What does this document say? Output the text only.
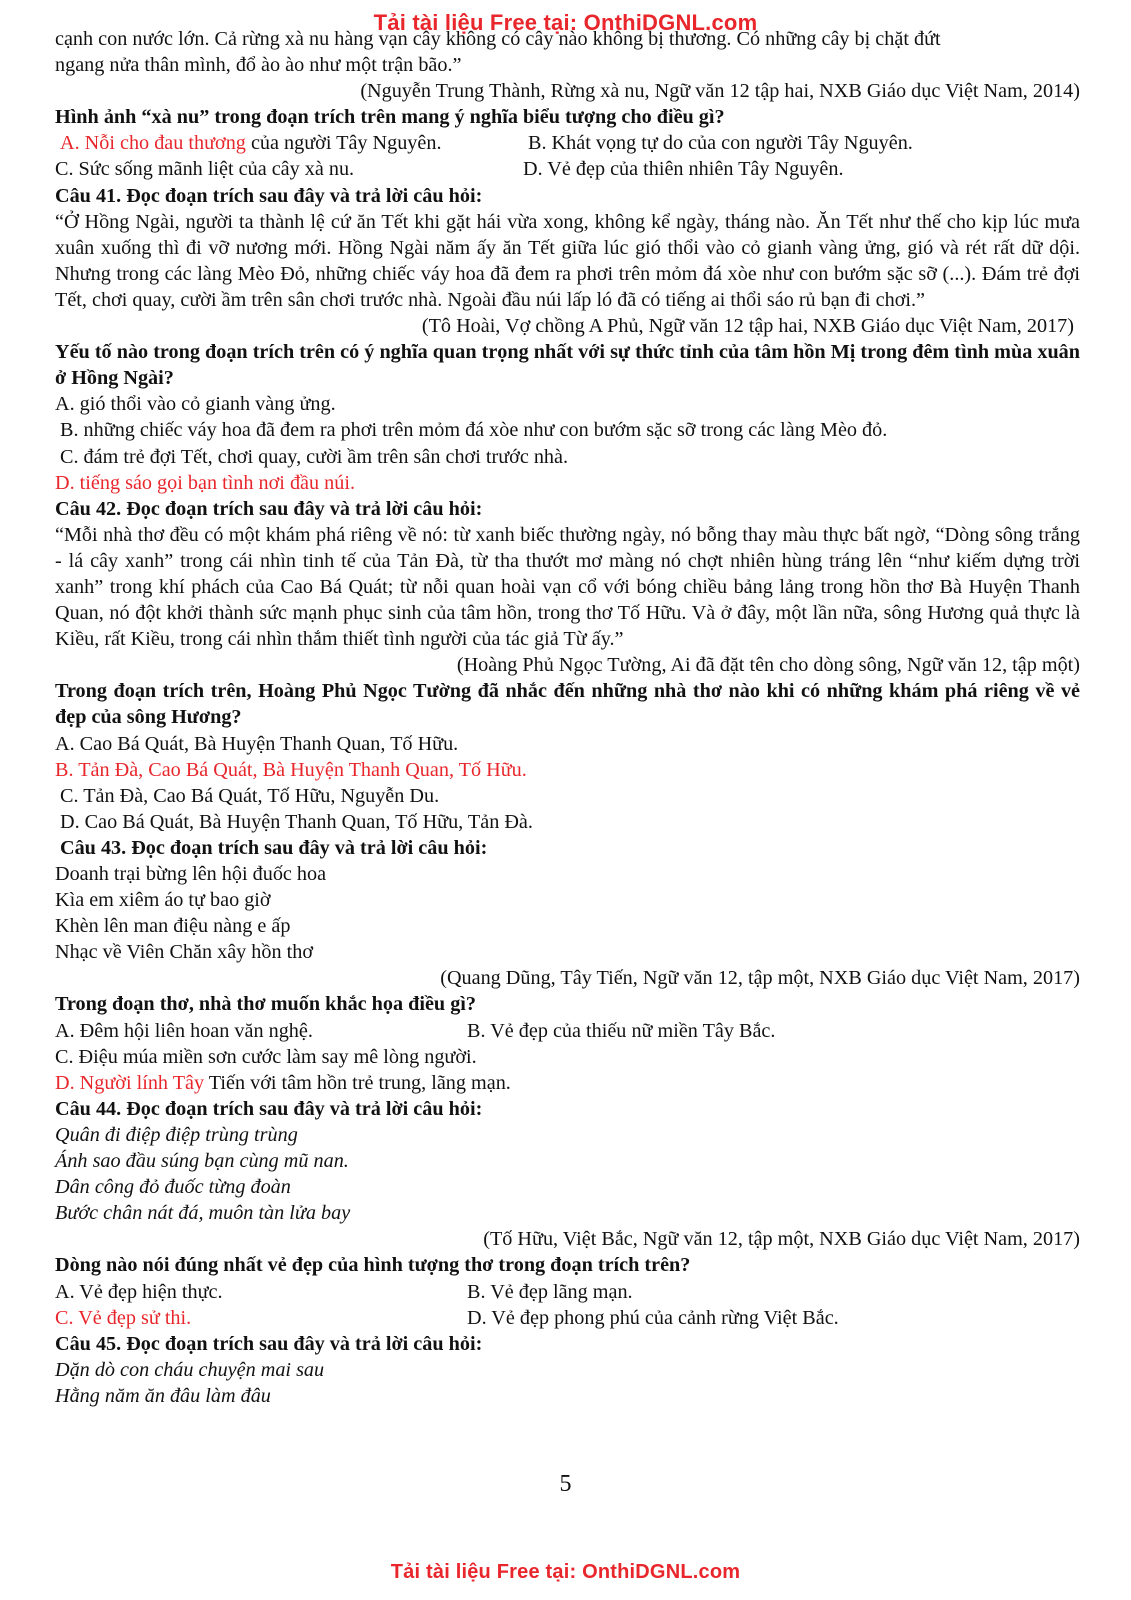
Tải tài liệu Free tại: OnthiDGNL.com
cạnh con nước lớn. Cả rừng xà nu hàng vạn cây không có cây nào không bị thương. Có những cây bị chặt đứt
ngang nửa thân mình, đổ ào ào như một trận bão.”
(Nguyễn Trung Thành, Rừng xà nu, Ngữ văn 12 tập hai, NXB Giáo dục Việt Nam, 2014)
Hình ảnh “xà nu” trong đoạn trích trên mang ý nghĩa biểu tượng cho điều gì?
A. Nỗi cho đau thương của người Tây Nguyên.	B. Khát vọng tự do của con người Tây Nguyên.
C. Sức sống mãnh liệt của cây xà nu.	D. Vẻ đẹp của thiên nhiên Tây Nguyên.
Câu 41. Đọc đoạn trích sau đây và trả lời câu hỏi:
“Ở Hồng Ngài, người ta thành lệ cứ ăn Tết khi gặt hái vừa xong, không kể ngày, tháng nào. Ăn Tết như thế cho kịp lúc mưa xuân xuống thì đi vỡ nương mới. Hồng Ngài năm ấy ăn Tết giữa lúc gió thổi vào cỏ gianh vàng ửng, gió và rét rất dữ dội. Nhưng trong các làng Mèo Đỏ, những chiếc váy hoa đã đem ra phơi trên mỏm đá xòe như con bướm sặc sỡ (...). Đám trẻ đợi Tết, chơi quay, cười ầm trên sân chơi trước nhà. Ngoài đầu núi lấp ló đã có tiếng ai thổi sáo rủ bạn đi chơi.”
(Tô Hoài, Vợ chồng A Phủ, Ngữ văn 12 tập hai, NXB Giáo dục Việt Nam, 2017)
Yếu tố nào trong đoạn trích trên có ý nghĩa quan trọng nhất với sự thức tỉnh của tâm hồn Mị trong đêm tình mùa xuân ở Hồng Ngài?
A. gió thổi vào cỏ gianh vàng ửng.
B. những chiếc váy hoa đã đem ra phơi trên mỏm đá xòe như con bướm sặc sỡ trong các làng Mèo đỏ.
C. đám trẻ đợi Tết, chơi quay, cười ầm trên sân chơi trước nhà.
D. tiếng sáo gọi bạn tình nơi đầu núi.
Câu 42. Đọc đoạn trích sau đây và trả lời câu hỏi:
“Mỗi nhà thơ đều có một khám phá riêng về nó: từ xanh biếc thường ngày, nó bỗng thay màu thực bất ngờ, “Dòng sông trắng - lá cây xanh” trong cái nhìn tinh tế của Tản Đà, từ tha thướt mơ màng nó chợt nhiên hùng tráng lên “như kiếm dựng trời xanh” trong khí phách của Cao Bá Quát; từ nỗi quan hoài vạn cổ với bóng chiều bảng lảng trong hồn thơ Bà Huyện Thanh Quan, nó đột khởi thành sức mạnh phục sinh của tâm hồn, trong thơ Tố Hữu. Và ở đây, một lần nữa, sông Hương quả thực là Kiều, rất Kiều, trong cái nhìn thắm thiết tình người của tác giả Từ ấy.”
(Hoàng Phủ Ngọc Tường, Ai đã đặt tên cho dòng sông, Ngữ văn 12, tập một)
Trong đoạn trích trên, Hoàng Phủ Ngọc Tường đã nhắc đến những nhà thơ nào khi có những khám phá riêng về vẻ đẹp của sông Hương?
A. Cao Bá Quát, Bà Huyện Thanh Quan, Tố Hữu.
B. Tản Đà, Cao Bá Quát, Bà Huyện Thanh Quan, Tố Hữu.
C. Tản Đà, Cao Bá Quát, Tố Hữu, Nguyễn Du.
D. Cao Bá Quát, Bà Huyện Thanh Quan, Tố Hữu, Tản Đà.
Câu 43. Đọc đoạn trích sau đây và trả lời câu hỏi:
Doanh trại bừng lên hội đuốc hoa
Kìa em xiêm áo tự bao giờ
Khèn lên man điệu nàng e ấp
Nhạc về Viên Chăn xây hồn thơ
(Quang Dũng, Tây Tiến, Ngữ văn 12, tập một, NXB Giáo dục Việt Nam, 2017)
Trong đoạn thơ, nhà thơ muốn khắc họa điều gì?
A. Đêm hội liên hoan văn nghệ.	B. Vẻ đẹp của thiếu nữ miền Tây Bắc.
C. Điệu múa miền sơn cước làm say mê lòng người.
D. Người lính Tây Tiến với tâm hồn trẻ trung, lãng mạn.
Câu 44. Đọc đoạn trích sau đây và trả lời câu hỏi:
Quân đi điệp điệp trùng trùng
Ánh sao đầu súng bạn cùng mũ nan.
Dân công đỏ đuốc từng đoàn
Bước chân nát đá, muôn tàn lửa bay
(Tố Hữu, Việt Bắc, Ngữ văn 12, tập một, NXB Giáo dục Việt Nam, 2017)
Dòng nào nói đúng nhất vẻ đẹp của hình tượng thơ trong đoạn trích trên?
A. Vẻ đẹp hiện thực.	B. Vẻ đẹp lãng mạn.
C. Vẻ đẹp sử thi.	D. Vẻ đẹp phong phú của cảnh rừng Việt Bắc.
Câu 45. Đọc đoạn trích sau đây và trả lời câu hỏi:
Dặn dò con cháu chuyện mai sau
Hằng năm ăn đâu làm đâu
5
Tải tài liệu Free tại: OnthiDGNL.com
